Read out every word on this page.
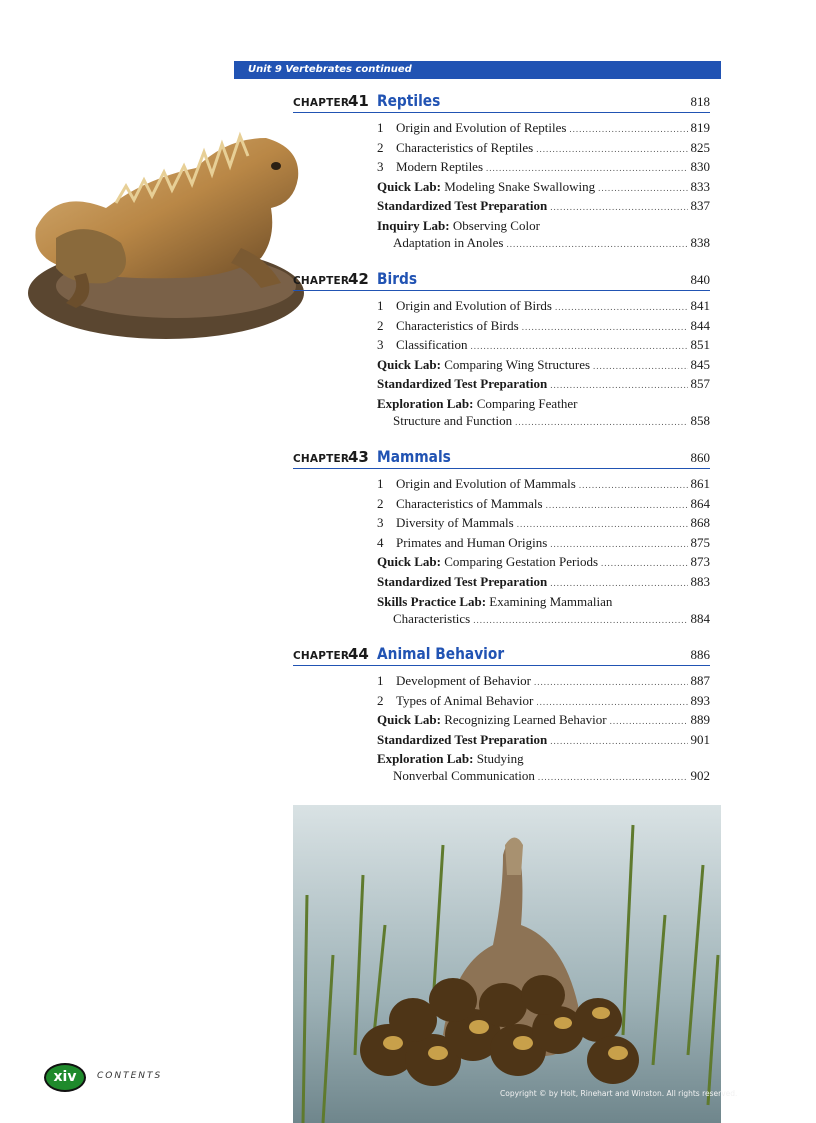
Unit 9 Vertebrates continued
CHAPTER
41 Reptiles	818
1 Origin and Evolution of Reptiles .....	819
2 Characteristics of Reptiles .....	825
3 Modern Reptiles .....	830
Quick Lab: Modeling Snake Swallowing .....	833
Standardized Test Preparation .....	837
Inquiry Lab: Observing Color
Adaptation in Anoles .....	838
CHAPTER
42 Birds	840
1 Origin and Evolution of Birds .....	841
2 Characteristics of Birds .....	844
3 Classification .....	851
Quick Lab: Comparing Wing Structures .....	845
Standardized Test Preparation .....	857
Exploration Lab: Comparing Feather
Structure and Function .....	858
CHAPTER
43 Mammals	860
1 Origin and Evolution of Mammals .....	861
2 Characteristics of Mammals .....	864
3 Diversity of Mammals .....	868
4 Primates and Human Origins .....	875
Quick Lab: Comparing Gestation Periods .....	873
Standardized Test Preparation .....	883
Skills Practice Lab: Examining Mammalian
Characteristics .....	884
CHAPTER
44 Animal Behavior	886
1 Development of Behavior .....	887
2 Types of Animal Behavior .....	893
Quick Lab: Recognizing Learned Behavior .....	889
Standardized Test Preparation .....	901
Exploration Lab: Studying
Nonverbal Communication .....	902
Copyright © by Holt, Rinehart and Winston. All rights reserved.
xiv	CONTENTS
